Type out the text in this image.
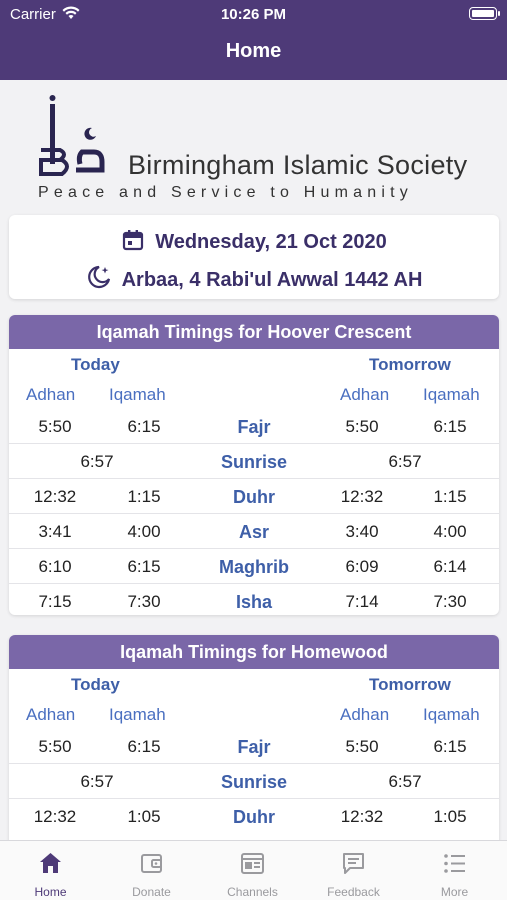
Carrier	10:26 PM
Home
Birmingham Islamic Society
Peace and Service to Humanity
Wednesday, 21 Oct 2020
Arbaa, 4 Rabi'ul Awwal 1442 AH
Iqamah Timings for Hoover Crescent
Today	Tomorrow
Adhan Iqamah	Adhan Iqamah
5:50	6:15	Fajr	5:50	6:15
6:57	Sunrise	6:57
12:32	1:15	Duhr	12:32	1:15
3:41	4:00	Asr	3:40	4:00
6:10	6:15	Maghrib	6:09	6:14
7:15	7:30	Isha	7:14	7:30
Iqamah Timings for Homewood
Today	Tomorrow
Adhan Iqamah	Adhan Iqamah
5:50	6:15	Fajr	5:50	6:15
6:57	Sunrise	6:57
12:32	1:05	Duhr	12:32	1:05
Home	Donate	Channels	Feedback	More
